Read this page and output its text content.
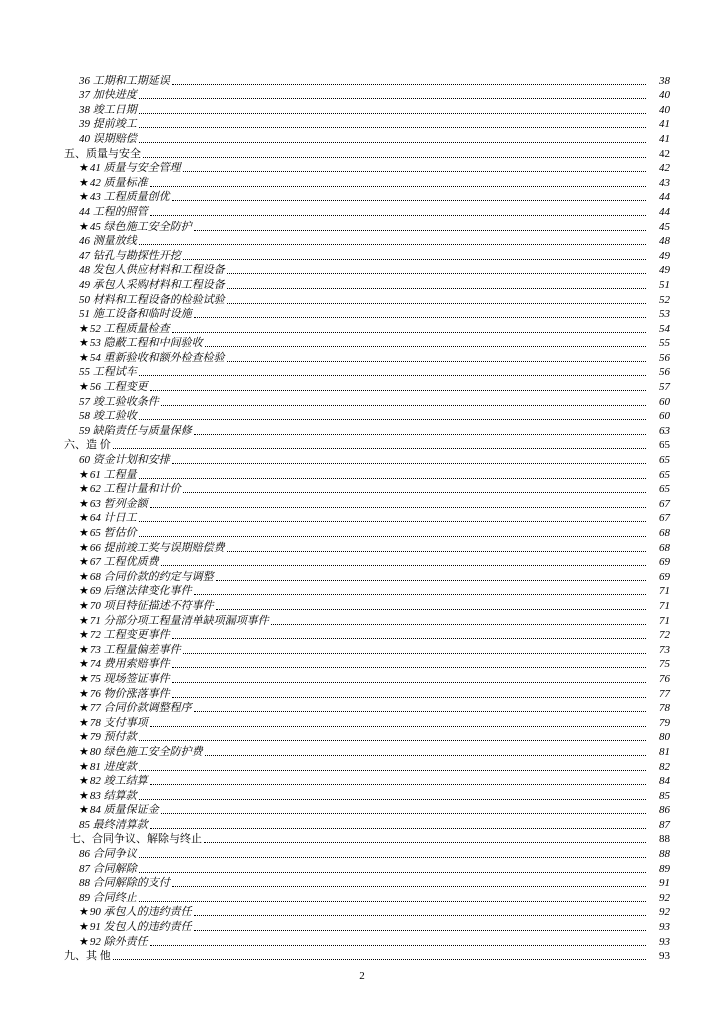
36 工期和工期延误	38
37 加快进度	40
38 竣工日期	40
39 提前竣工	41
40 误期赔偿	41
五、质量与安全	42
★41 质量与安全管理	42
★42 质量标准	43
★43 工程质量创优	44
44 工程的照管	44
★45 绿色施工安全防护	45
46 测量放线	48
47 钻孔与勘探性开挖	49
48 发包人供应材料和工程设备	49
49 承包人采购材料和工程设备	51
50 材料和工程设备的检验试验	52
51 施工设备和临时设施	53
★52 工程质量检查	54
★53 隐蔽工程和中间验收	55
★54 重新验收和额外检查检验	56
55 工程试车	56
★56 工程变更	57
57 竣工验收条件	60
58 竣工验收	60
59 缺陷责任与质量保修	63
六、造 价	65
60 资金计划和安排	65
★61 工程量	65
★62 工程计量和计价	65
★63 暂列金额	67
★64 计日工	67
★65 暂估价	68
★66 提前竣工奖与误期赔偿费	68
★67 工程优质费	69
★68 合同价款的约定与调整	69
★69 后继法律变化事件	71
★70 项目特征描述不符事件	71
★71 分部分项工程量清单缺项漏项事件	71
★72 工程变更事件	72
★73 工程量偏差事件	73
★74 费用索赔事件	75
★75 现场签证事件	76
★76 物价涨落事件	77
★77 合同价款调整程序	78
★78 支付事项	79
★79 预付款	80
★80 绿色施工安全防护费	81
★81 进度款	82
★82 竣工结算	84
★83 结算款	85
★84 质量保证金	86
85 最终清算款	87
七、合同争议、解除与终止	88
86 合同争议	88
87 合同解除	89
88 合同解除的支付	91
89 合同终止	92
★90 承包人的违约责任	92
★91 发包人的违约责任	93
★92 除外责任	93
九、其 他	93
2
